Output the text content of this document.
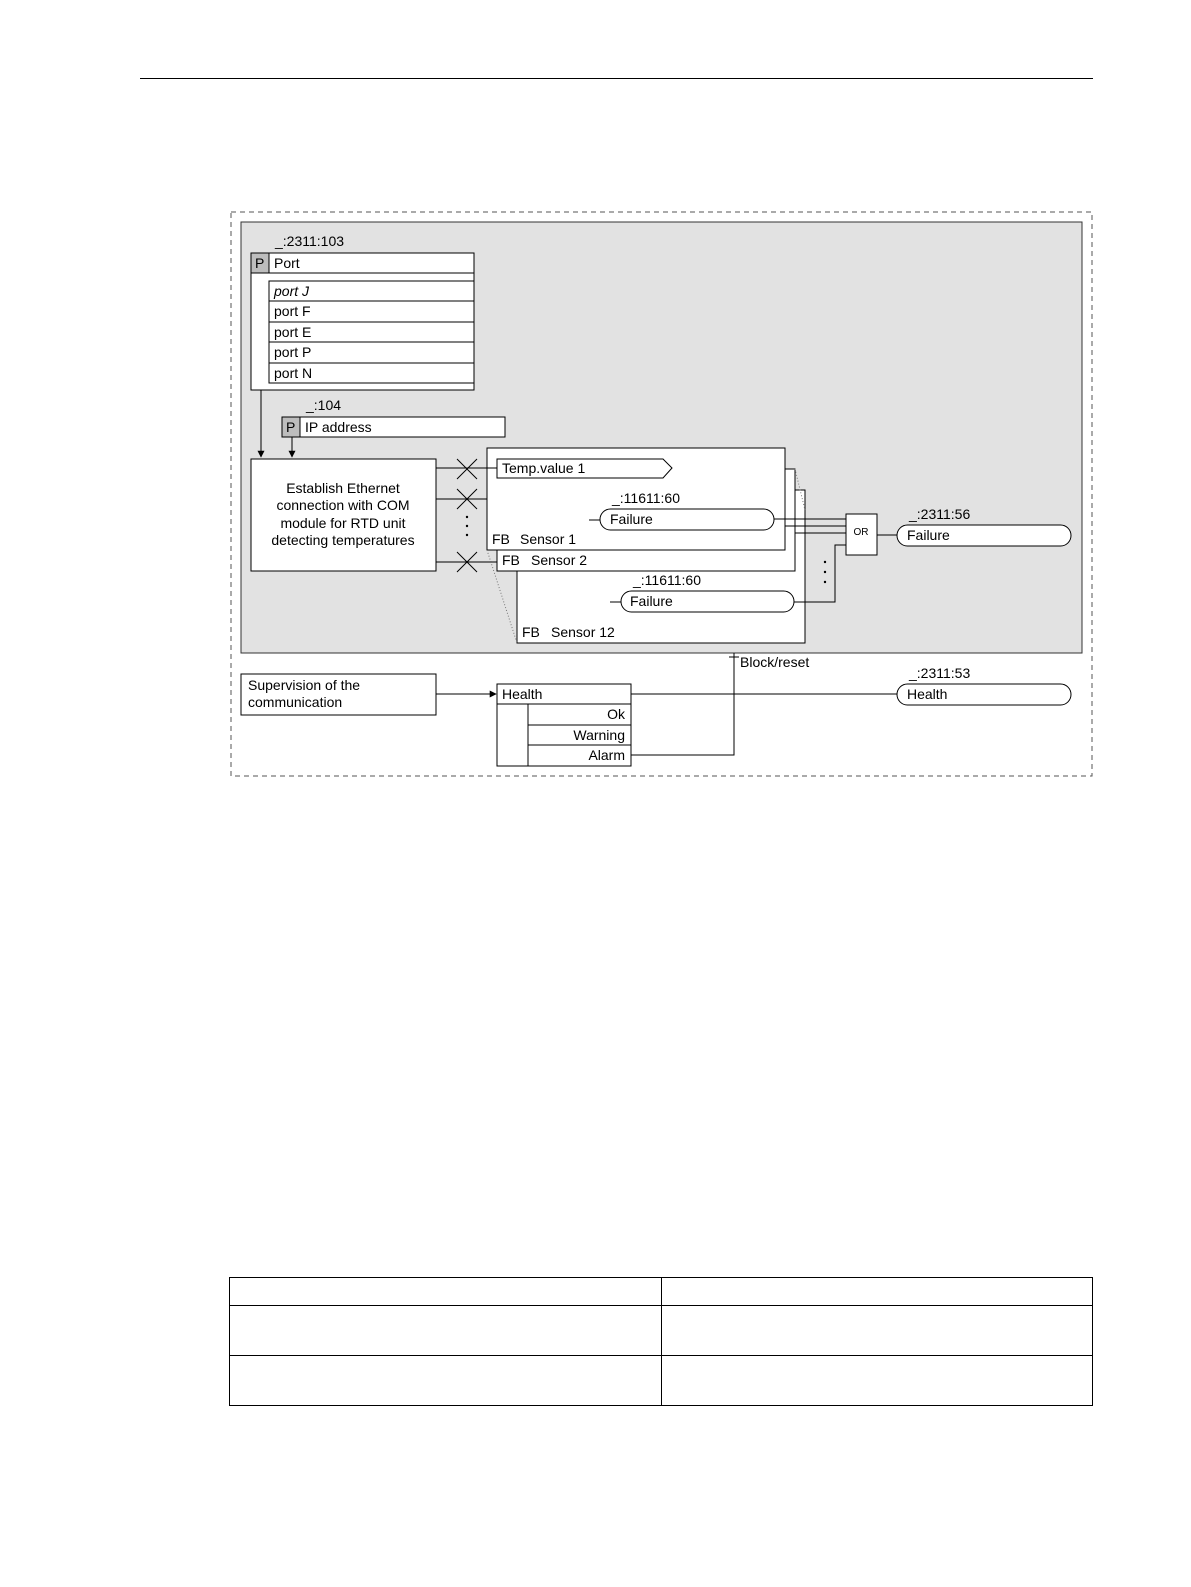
_:2311:103
P Port
port J
port F
port E
port P
port N
_:104
P IP address
Establish Ethernet
connection with COM
module for RTD unit
detecting temperatures
_:11611:60
Failure
FB Sensor 12
FB Sensor 2
Temp.value 1
_:11611:60
Failure
FB Sensor 1	OR
_:2311:56
Failure
Supervision of the
communication	Health
Ok
Warning
Alarm
Block/reset
_:2311:53
Health
